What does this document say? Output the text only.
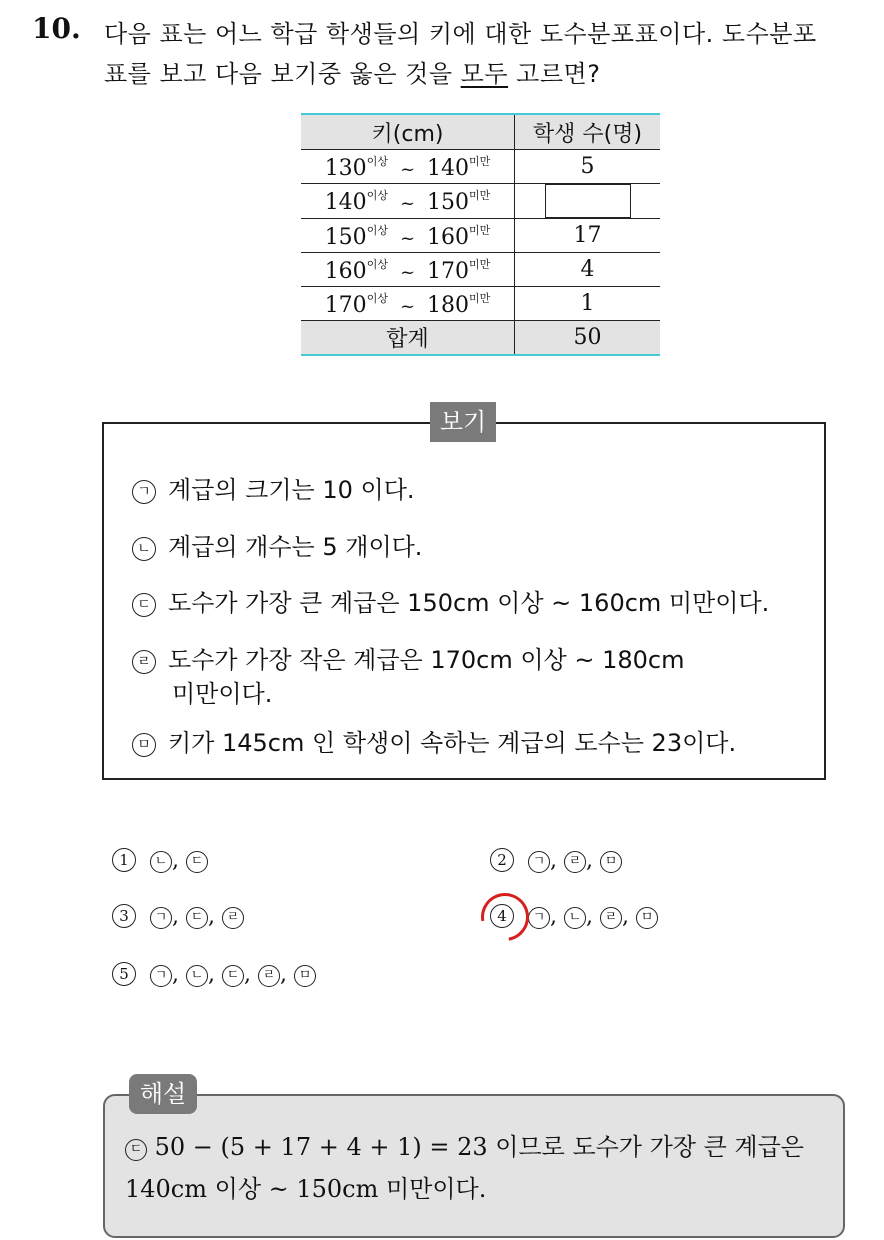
10. 다음 표는 어느 학급 학생들의 키에 대한 도수분포표이다. 도수분포
표를 보고 다음 보기중 옳은 것을 모두 고르면?
키(cm)	학생 수(명)
$130^{이상}$ ~ $140^{미만}$	5
$140^{이상}$ ~ $150^{미만}$	
$150^{이상}$ ~ $160^{미만}$	17
$160^{이상}$ ~ $170^{미만}$	4
$170^{이상}$ ~ $180^{미만}$	1
합계	50
보기
ㄱ 계급의 크기는 10 이다.
ㄴ 계급의 개수는 5 개이다.
ㄷ 도수가 가장 큰 계급은 150cm 이상 ~ 160cm 미만이다.
ㄹ 도수가 가장 작은 계급은 170cm 이상 ~ 180cm
미만이다.
ㅁ 키가 145cm 인 학생이 속하는 계급의 도수는 23이다.
1 ㄴ , ㄷ	2 ㄱ , ㄹ , ㅁ
3 ㄱ , ㄷ , ㄹ	4 ㄱ , ㄴ , ㄹ , ㅁ
5 ㄱ , ㄴ , ㄷ , ㄹ , ㅁ
해설
ㄷ 50 − (5 + 17 + 4 + 1) = 23 이므로 도수가 가장 큰 계급은
140cm 이상 ~ 150cm 미만이다.
